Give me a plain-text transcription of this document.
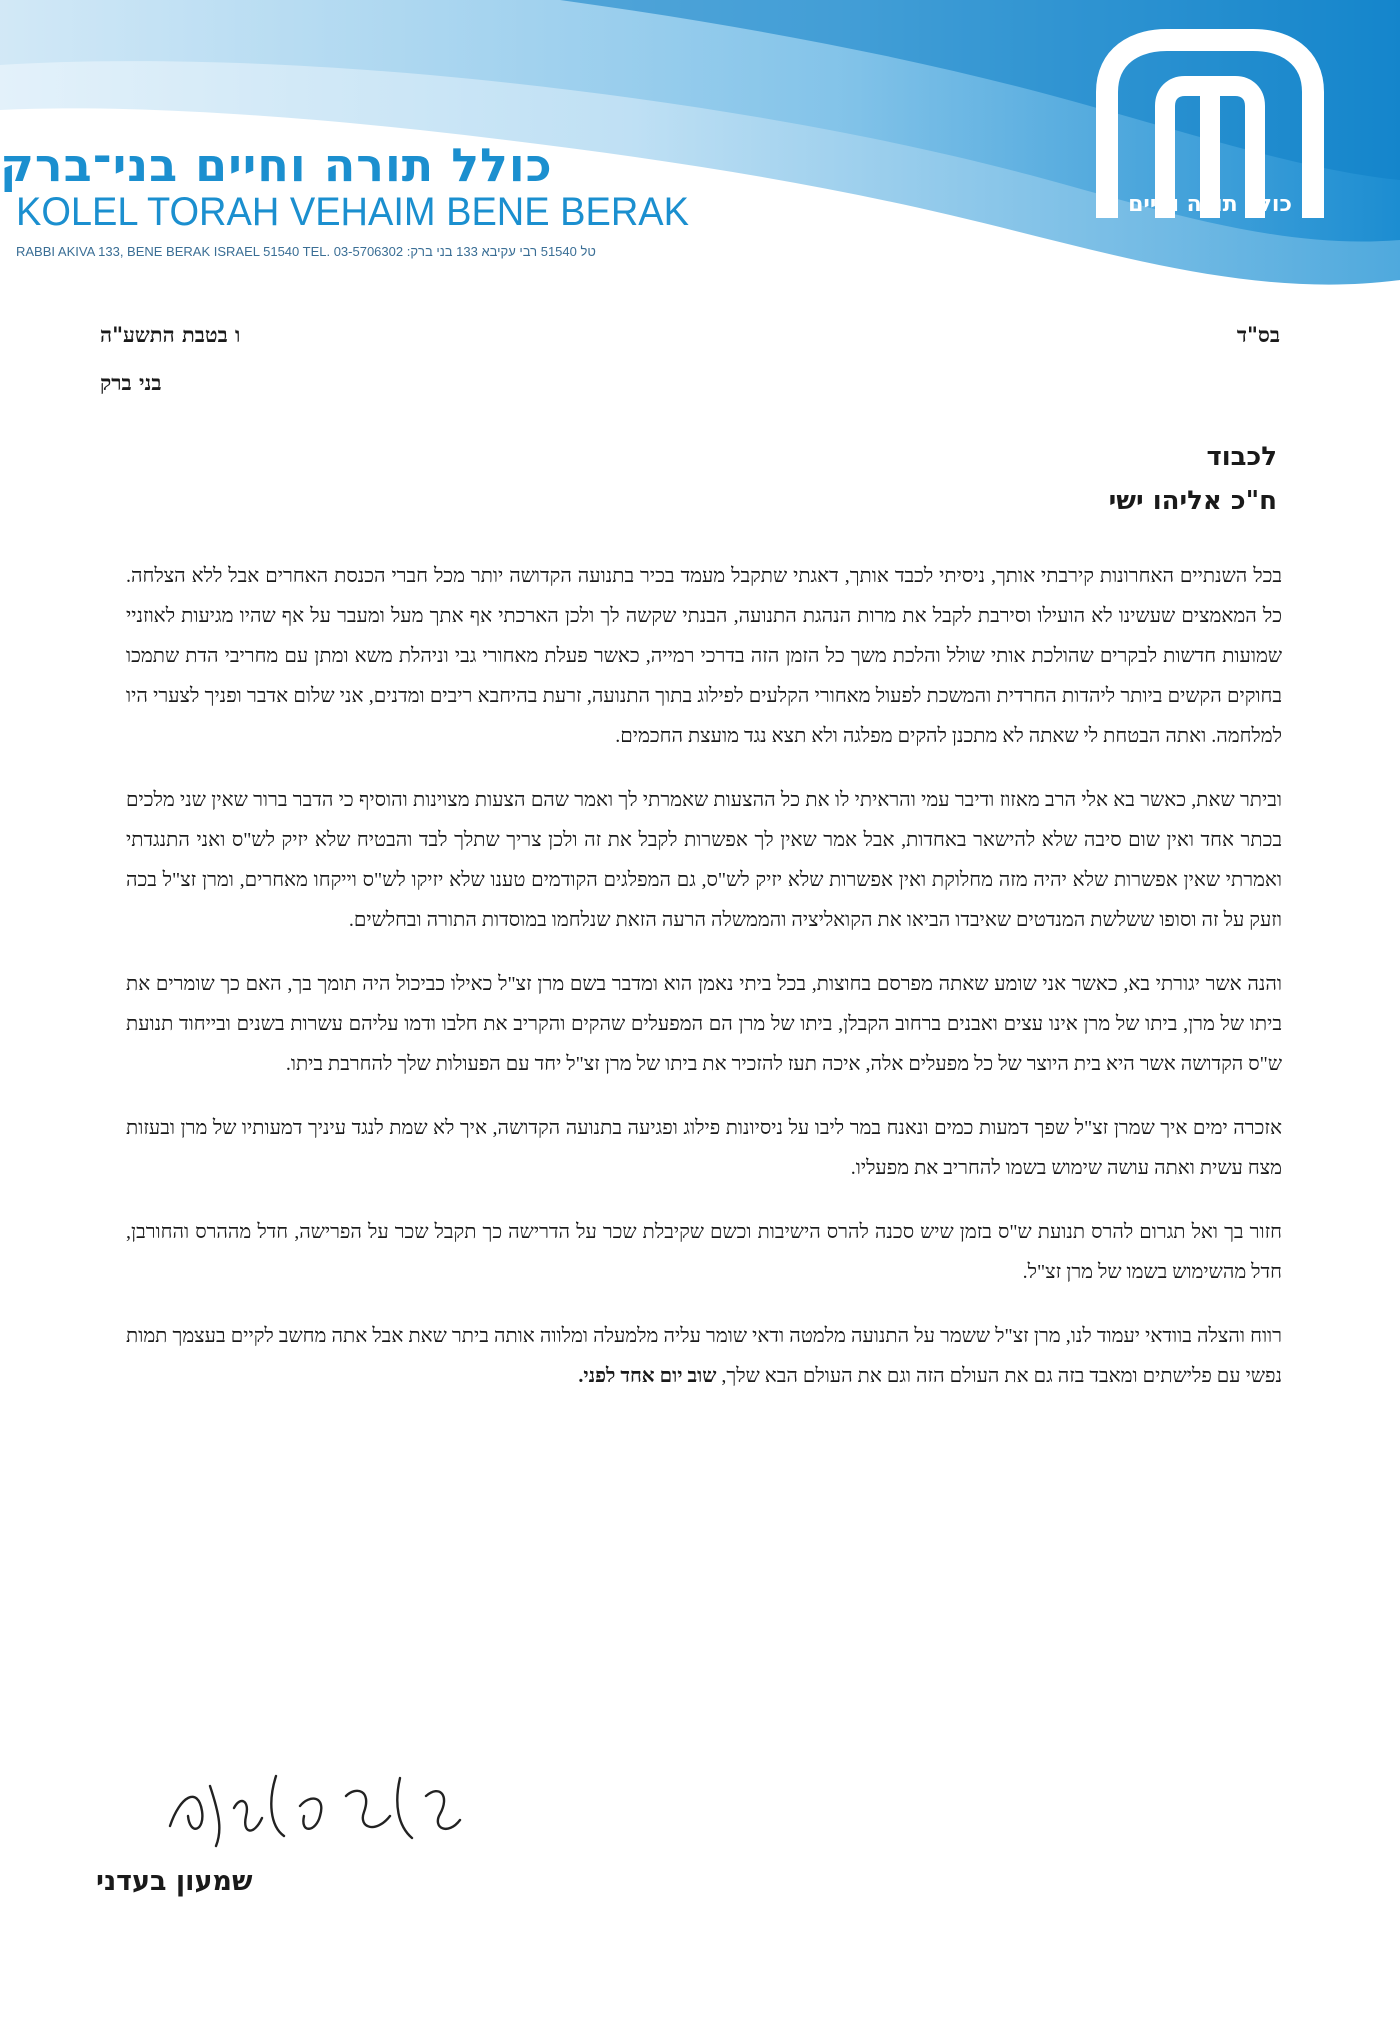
כולל תורה וחיים
כולל תורה וחיים בני־ברק
KOLEL TORAH VEHAIM BENE BERAK
RABBI AKIVA 133, BENE BERAK ISRAEL 51540 TEL. 03-5706302 :טל 51540 רבי עקיבא 133 בני ברק
בס"ד
ו בטבת התשע"ה
בני ברק
לכבוד
ח"כ אליהו ישי

בכל השנתיים האחרונות קירבתי אותך, ניסיתי לכבד אותך, דאגתי שתקבל מעמד בכיר בתנועה הקדושה יותר מכל חברי הכנסת האחרים אבל ללא הצלחה. כל המאמצים שעשינו לא הועילו וסירבת לקבל את מרות הנהגת התנועה, הבנתי שקשה לך ולכן הארכתי אף אתך מעל ומעבר על אף שהיו מגיעות לאוזניי שמועות חדשות לבקרים שהולכת אותי שולל והלכת משך כל הזמן הזה בדרכי רמייה, כאשר פעלת מאחורי גבי וניהלת משא ומתן עם מחריבי הדת שתמכו בחוקים הקשים ביותר ליהדות החרדית והמשכת לפעול מאחורי הקלעים לפילוג בתוך התנועה, זרעת בהיחבא ריבים ומדנים, אני שלום אדבר ופניך לצערי היו למלחמה. ואתה הבטחת לי שאתה לא מתכנן להקים מפלגה ולא תצא נגד מועצת החכמים.

וביתר שאת, כאשר בא אלי הרב מאזוז ודיבר עמי והראיתי לו את כל ההצעות שאמרתי לך ואמר שהם הצעות מצוינות והוסיף כי הדבר ברור שאין שני מלכים בכתר אחד ואין שום סיבה שלא להישאר באחדות, אבל אמר שאין לך אפשרות לקבל את זה ולכן צריך שתלך לבד והבטיח שלא יזיק לש"ס ואני התנגדתי ואמרתי שאין אפשרות שלא יהיה מזה מחלוקת ואין אפשרות שלא יזיק לש"ס, גם המפלגים הקודמים טענו שלא יזיקו לש"ס וייקחו מאחרים, ומרן זצ"ל בכה וזעק על זה וסופו ששלשת המנדטים שאיבדו הביאו את הקואליציה והממשלה הרעה הזאת שנלחמו במוסדות התורה ובחלשים.

והנה אשר יגורתי בא, כאשר אני שומע שאתה מפרסם בחוצות, בכל ביתי נאמן הוא ומדבר בשם מרן זצ"ל כאילו כביכול היה תומך בך, האם כך שומרים את ביתו של מרן, ביתו של מרן אינו עצים ואבנים ברחוב הקבלן, ביתו של מרן הם המפעלים שהקים והקריב את חלבו ודמו עליהם עשרות בשנים ובייחוד תנועת ש"ס הקדושה אשר היא בית היוצר של כל מפעלים אלה, איכה תעז להזכיר את ביתו של מרן זצ"ל יחד עם הפעולות שלך להחרבת ביתו.

אזכרה ימים איך שמרן זצ"ל שפך דמעות כמים ונאנח במר ליבו על ניסיונות פילוג ופגיעה בתנועה הקדושה, איך לא שמת לנגד עיניך דמעותיו של מרן ובעזות מצח עשית ואתה עושה שימוש בשמו להחריב את מפעליו.

חזור בך ואל תגרום להרס תנועת ש"ס בזמן שיש סכנה להרס הישיבות וכשם שקיבלת שכר על הדרישה כך תקבל שכר על הפרישה, חדל מההרס והחורבן, חדל מהשימוש בשמו של מרן זצ"ל.

רווח והצלה בוודאי יעמוד לנו, מרן זצ"ל ששמר על התנועה מלמטה ודאי שומר עליה מלמעלה ומלווה אותה ביתר שאת אבל אתה מחשב לקיים בעצמך תמות נפשי עם פלישתים ומאבד בזה גם את העולם הזה וגם את העולם הבא שלך, שוב יום אחד לפני.

שמעון בעדני
